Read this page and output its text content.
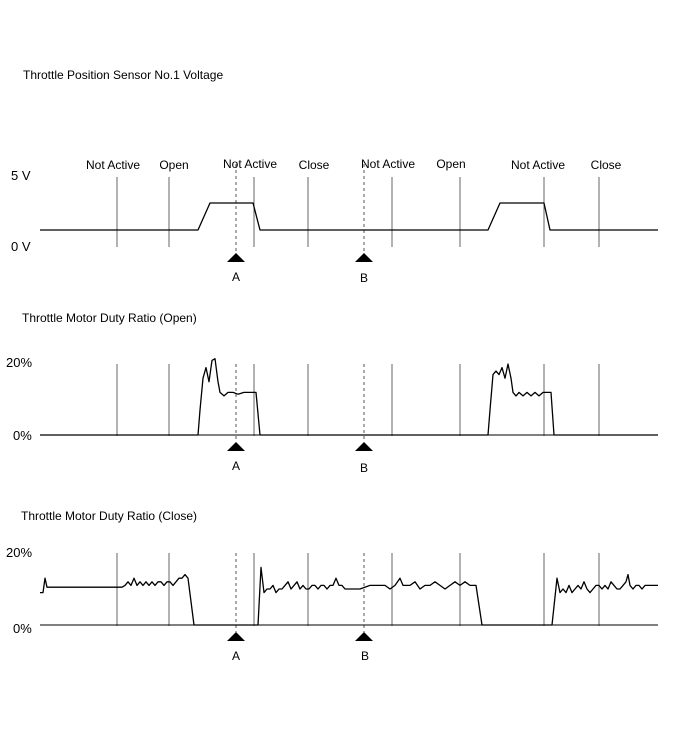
Throttle Position Sensor No.1 Voltage
Throttle Motor Duty Ratio (Open)
Throttle Motor Duty Ratio (Close)
5 V
0 V
20%
0%
20%
0%
Not Active Open	Not Active Close	Not Active Open	Not Active Close
A	B
A	B
A	B
